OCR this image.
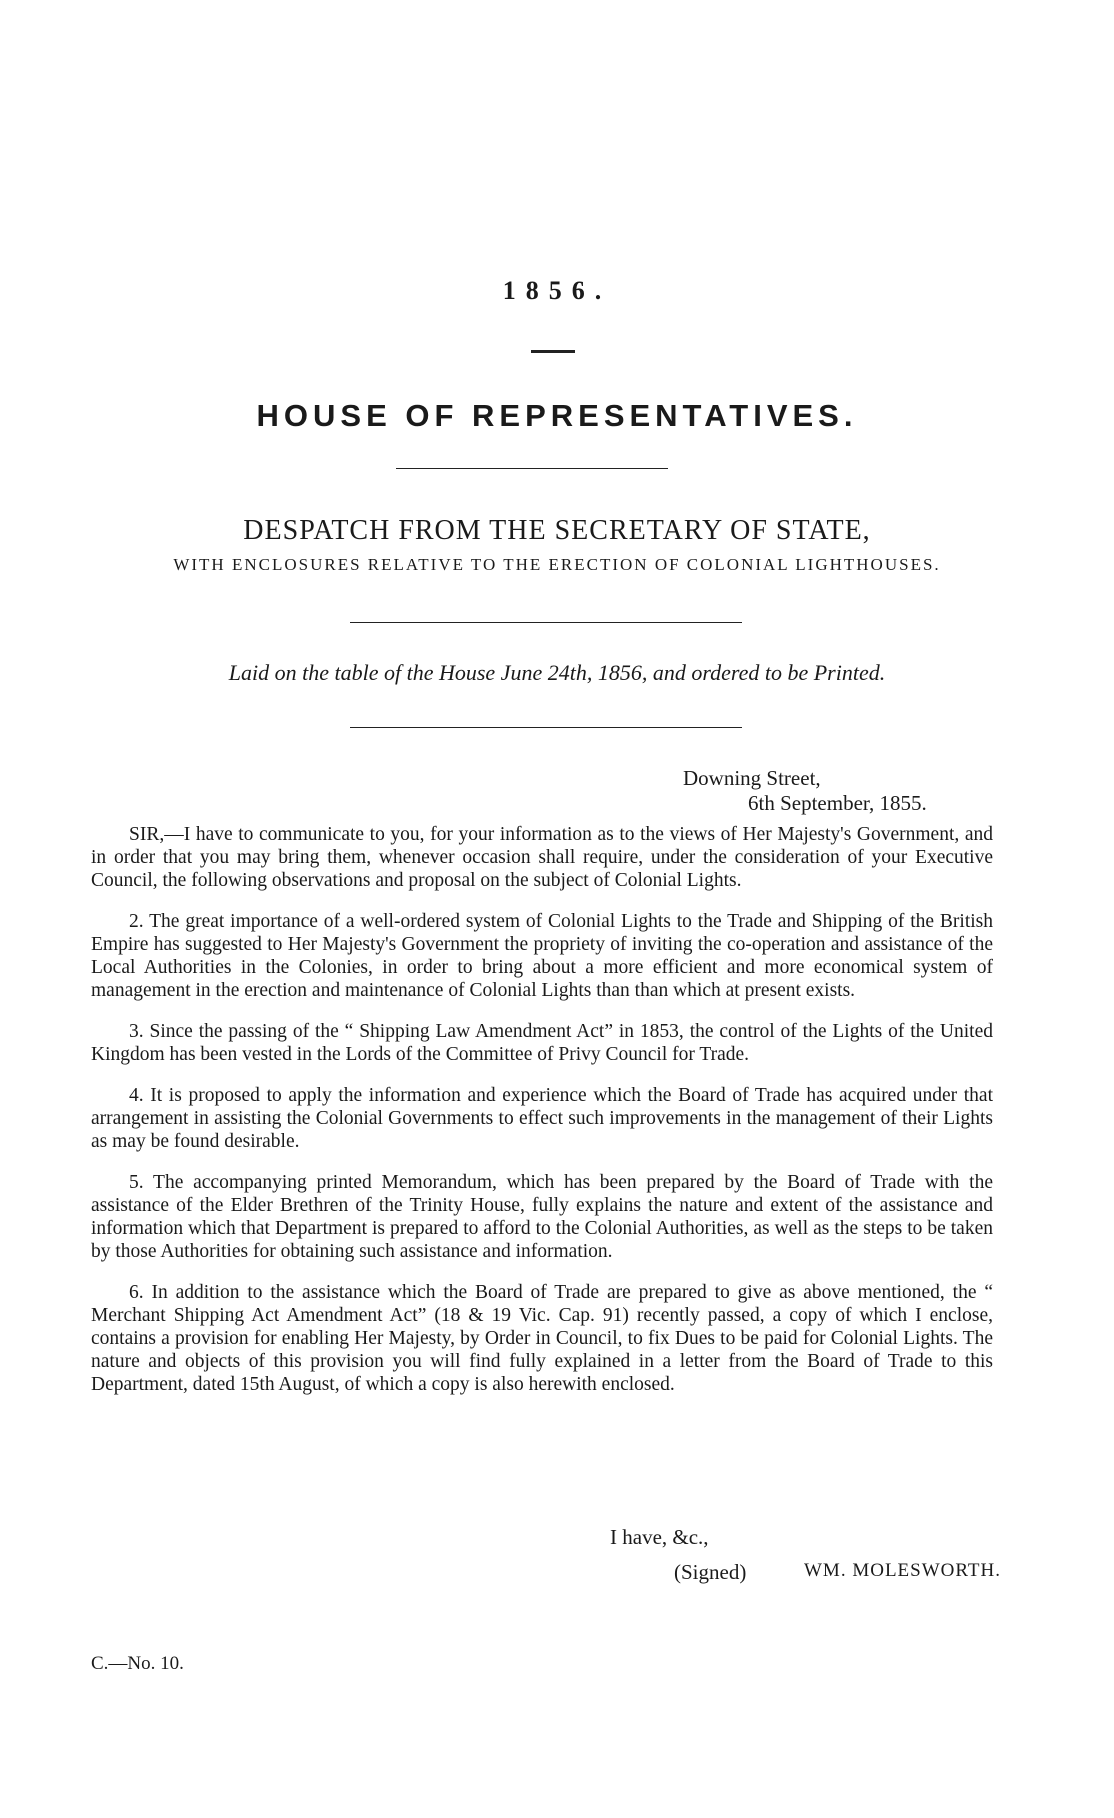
1856.
HOUSE OF REPRESENTATIVES.
DESPATCH FROM THE SECRETARY OF STATE,
WITH ENCLOSURES RELATIVE TO THE ERECTION OF COLONIAL LIGHTHOUSES.
Laid on the table of the House June 24th, 1856, and ordered to be Printed.
Downing Street,
6th September, 1855.

SIR,—I have to communicate to you, for your information as to the views of Her Majesty's Government, and in order that you may bring them, whenever occasion shall require, under the consideration of your Executive Council, the following observations and proposal on the subject of Colonial Lights.

2. The great importance of a well-ordered system of Colonial Lights to the Trade and Shipping of the British Empire has suggested to Her Majesty's Government the propriety of inviting the co-operation and assistance of the Local Authorities in the Colonies, in order to bring about a more efficient and more economical system of management in the erection and maintenance of Colonial Lights than than which at present exists.

3. Since the passing of the “ Shipping Law Amendment Act” in 1853, the control of the Lights of the United Kingdom has been vested in the Lords of the Committee of Privy Council for Trade.

4. It is proposed to apply the information and experience which the Board of Trade has acquired under that arrangement in assisting the Colonial Governments to effect such improvements in the management of their Lights as may be found desirable.

5. The accompanying printed Memorandum, which has been prepared by the Board of Trade with the assistance of the Elder Brethren of the Trinity House, fully explains the nature and extent of the assistance and information which that Department is prepared to afford to the Colonial Authorities, as well as the steps to be taken by those Authorities for obtaining such assistance and information.

6. In addition to the assistance which the Board of Trade are prepared to give as above mentioned, the “ Merchant Shipping Act Amendment Act” (18 & 19 Vic. Cap. 91) recently passed, a copy of which I enclose, contains a provision for enabling Her Majesty, by Order in Council, to fix Dues to be paid for Colonial Lights. The nature and objects of this provision you will find fully explained in a letter from the Board of Trade to this Department, dated 15th August, of which a copy is also herewith enclosed.

I have, &c.,
(Signed)	WM. MOLESWORTH.
C.—No. 10.
